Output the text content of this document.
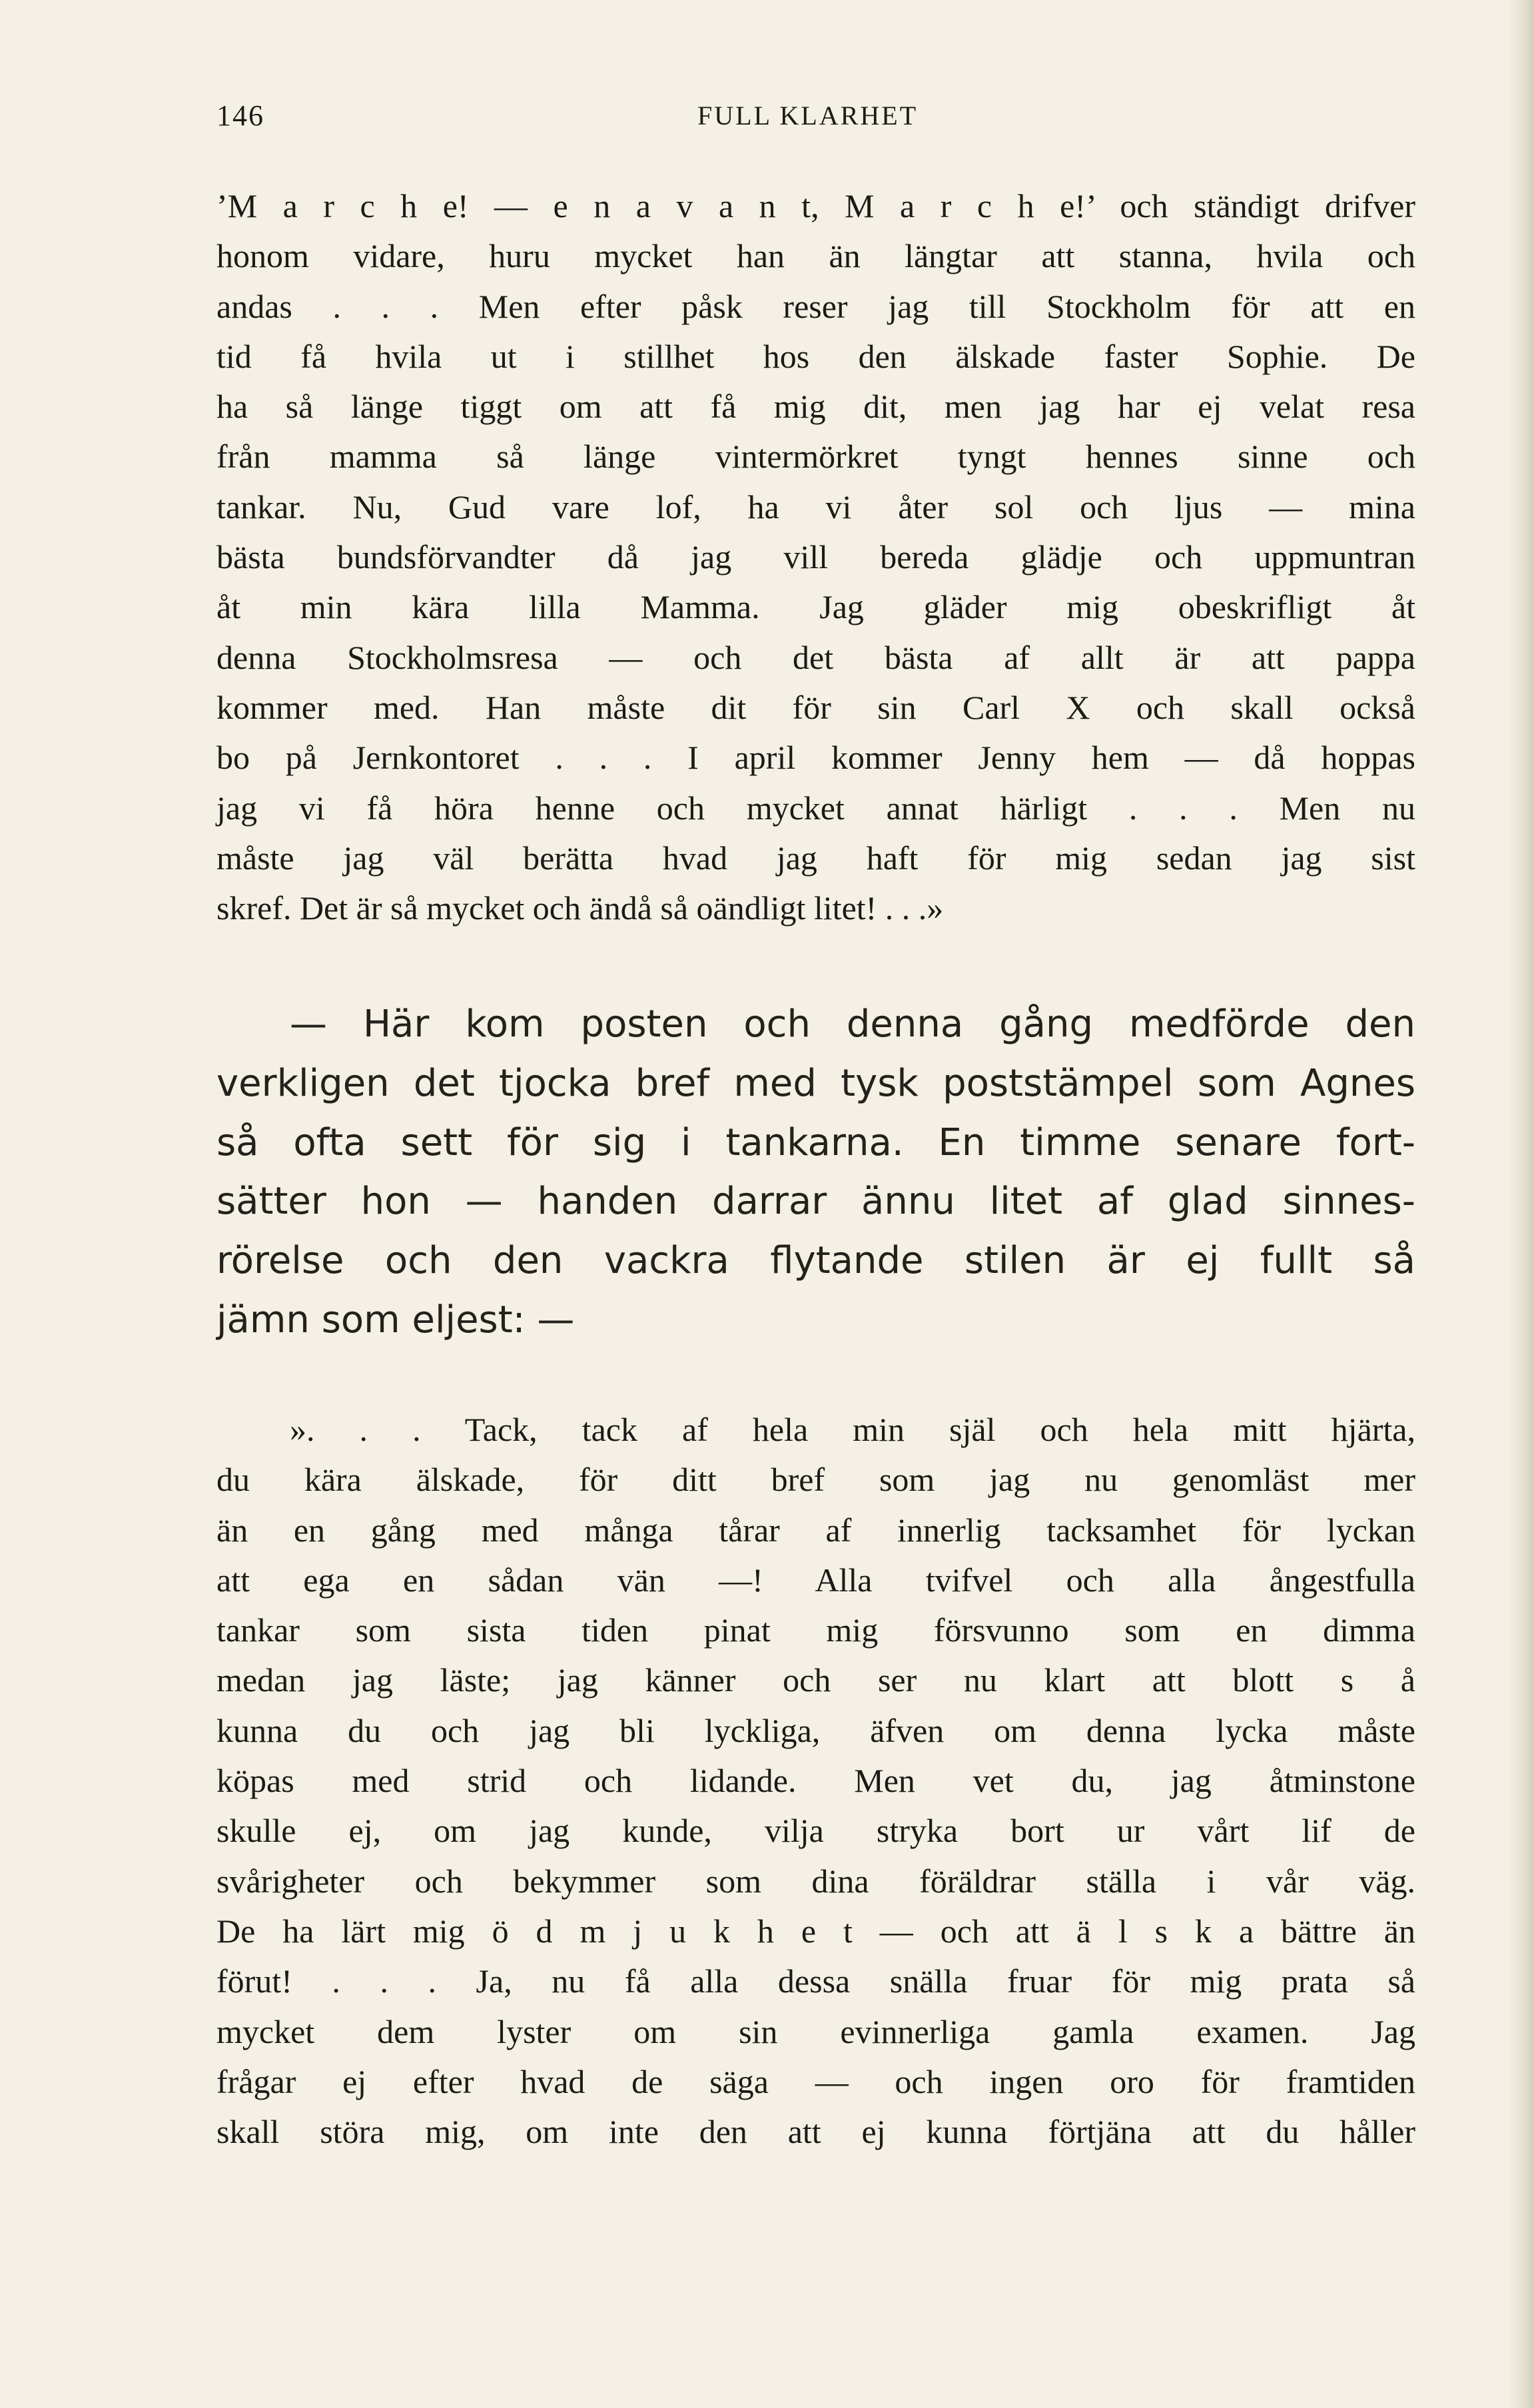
146	FULL KLARHET
’M a r c h e! — e n a v a n t, M a r c h e!’ och ständigt drifver
honom vidare, huru mycket han än längtar att stanna, hvila och
andas . . . Men efter påsk reser jag till Stockholm för att en
tid få hvila ut i stillhet hos den älskade faster Sophie. De
ha så länge tiggt om att få mig dit, men jag har ej velat resa
från mamma så länge vintermörkret tyngt hennes sinne och
tankar. Nu, Gud vare lof, ha vi åter sol och ljus — mina
bästa bundsförvandter då jag vill bereda glädje och uppmuntran
åt min kära lilla Mamma. Jag gläder mig obeskrifligt åt
denna Stockholmsresa — och det bästa af allt är att pappa
kommer med. Han måste dit för sin Carl X och skall också
bo på Jernkontoret . . . I april kommer Jenny hem — då hoppas
jag vi få höra henne och mycket annat härligt . . . Men nu
måste jag väl berätta hvad jag haft för mig sedan jag sist
skref. Det är så mycket och ändå så oändligt litet! . . .»
— Här kom posten och denna gång medförde den
verkligen det tjocka bref med tysk poststämpel som Agnes
så ofta sett för sig i tankarna. En timme senare fort-
sätter hon — handen darrar ännu litet af glad sinnes-
rörelse och den vackra flytande stilen är ej fullt så
jämn som eljest: —
». . . Tack, tack af hela min själ och hela mitt hjärta,
du kära älskade, för ditt bref som jag nu genomläst mer
än en gång med många tårar af innerlig tacksamhet för lyckan
att ega en sådan vän —! Alla tvifvel och alla ångestfulla
tankar som sista tiden pinat mig försvunno som en dimma
medan jag läste; jag känner och ser nu klart att blott s å
kunna du och jag bli lyckliga, äfven om denna lycka måste
köpas med strid och lidande. Men vet du, jag åtminstone
skulle ej, om jag kunde, vilja stryka bort ur vårt lif de
svårigheter och bekymmer som dina föräldrar ställa i vår väg.
De ha lärt mig ö d m j u k h e t — och att ä l s k a bättre än
förut! . . . Ja, nu få alla dessa snälla fruar för mig prata så
mycket dem lyster om sin evinnerliga gamla examen. Jag
frågar ej efter hvad de säga — och ingen oro för framtiden
skall störa mig, om inte den att ej kunna förtjäna att du håller
